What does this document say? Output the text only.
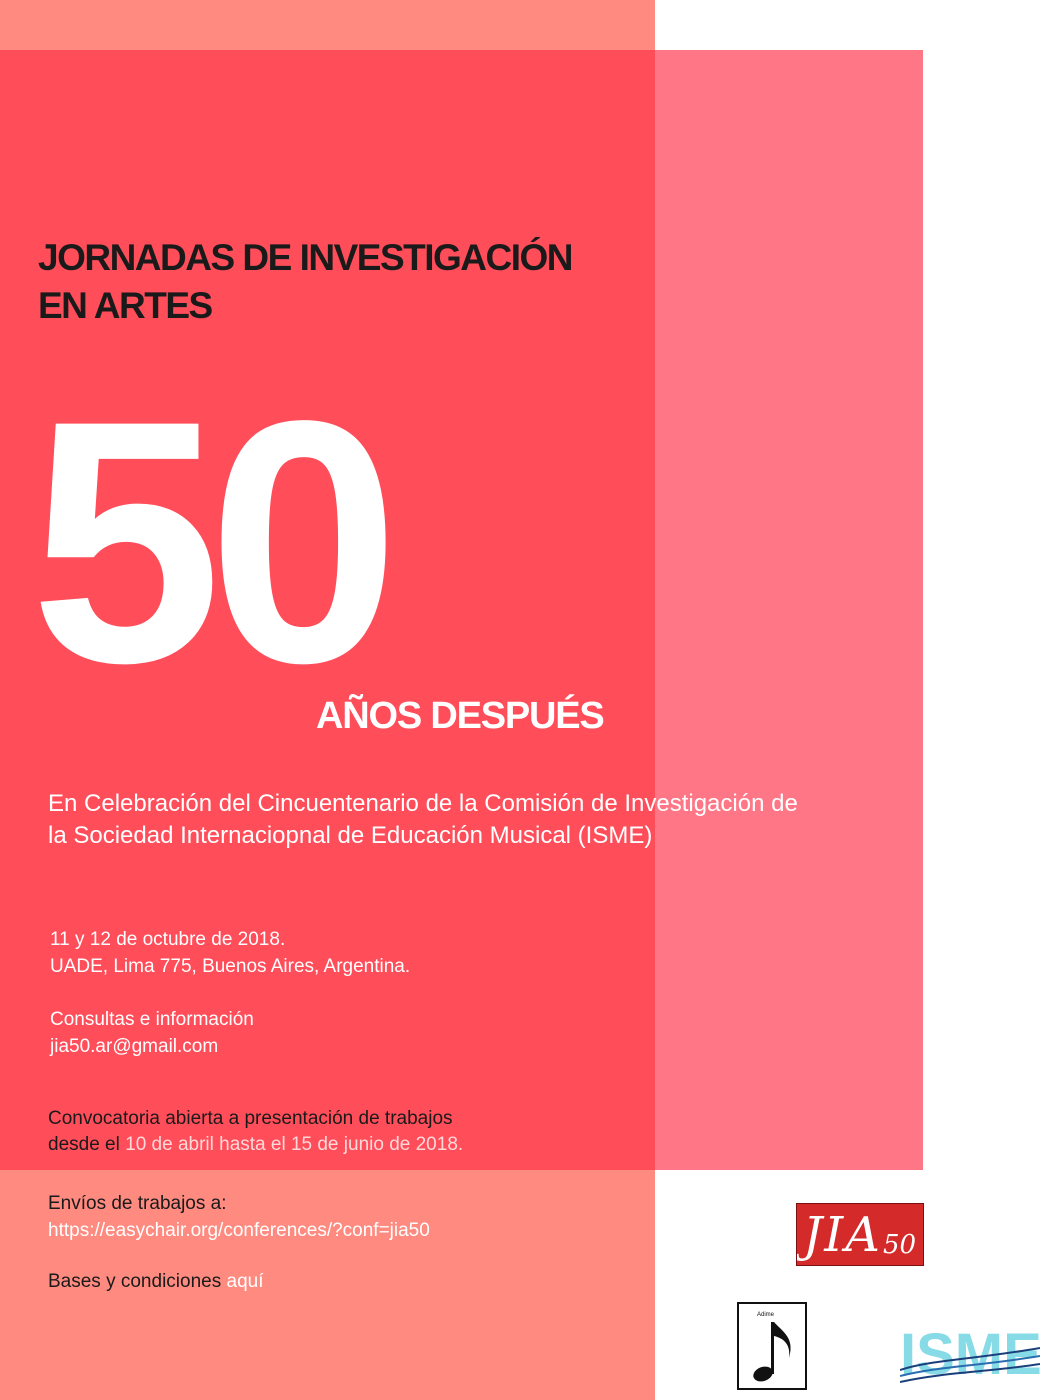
JORNADAS DE INVESTIGACIÓN
EN ARTES
50
AÑOS DESPUÉS
En Celebración del Cincuentenario de la Comisión de Investigación de
la Sociedad Internaciopnal de Educación Musical (ISME)
11 y 12 de octubre de 2018.
UADE, Lima 775, Buenos Aires, Argentina.
Consultas e información
jia50.ar@gmail.com
Convocatoria abierta a presentación de trabajos
desde el 10 de abril hasta el 15 de junio de 2018.
Envíos de trabajos a:
https://easychair.org/conferences/?conf=jia50
Bases y condiciones aquí
JIA 50
Adime
ISME
